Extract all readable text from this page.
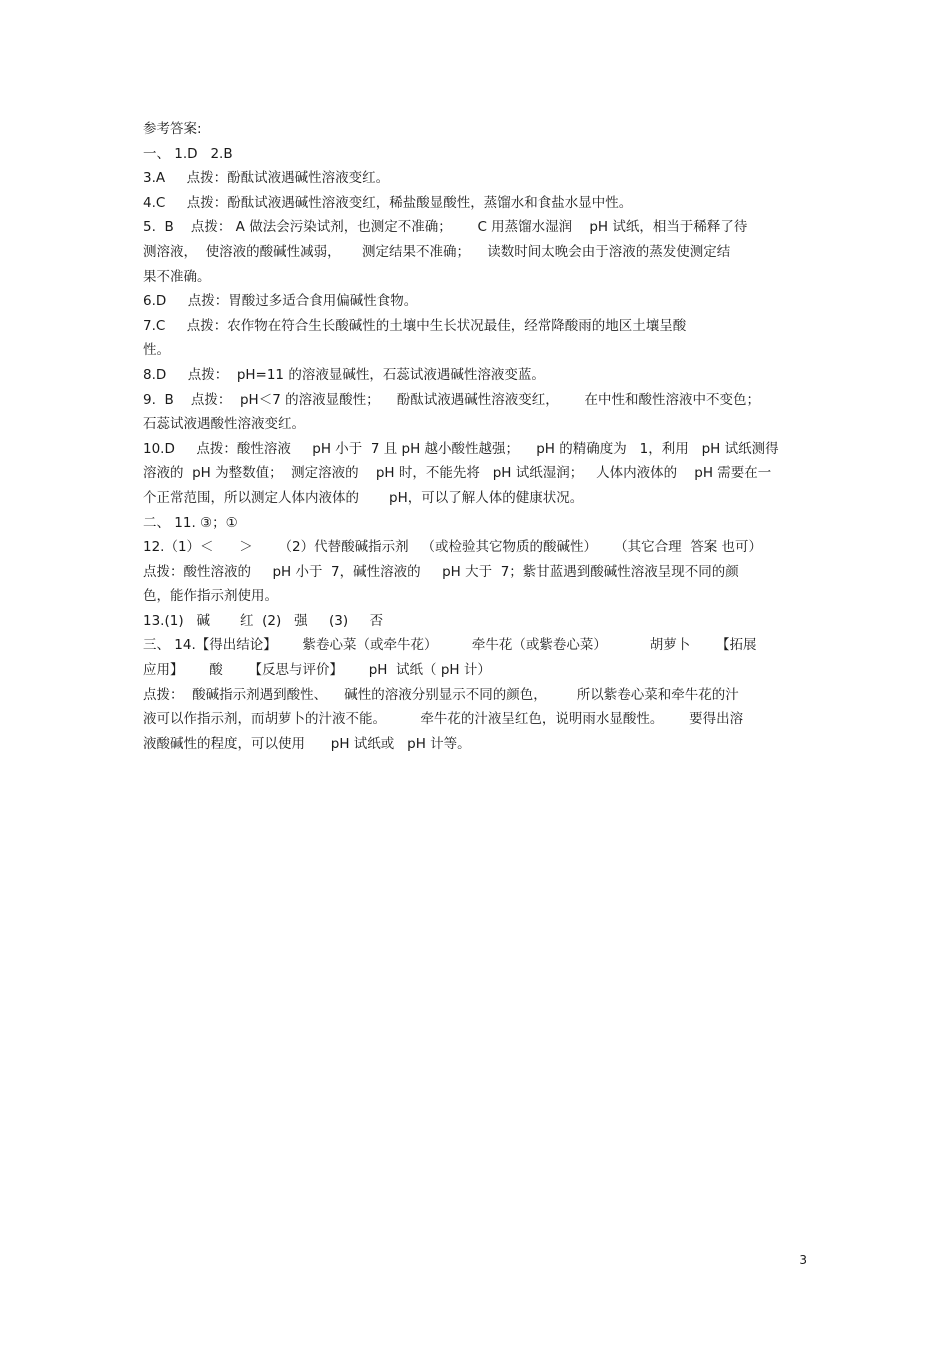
参考答案:
一、 1.D   2.B
3.A     点拨：酚酞试液遇碱性溶液变红。
4.C     点拨：酚酞试液遇碱性溶液变红，稀盐酸显酸性，蒸馏水和食盐水显中性。
5.  B    点拨： A 做法会污染试剂，也测定不准确；      C 用蒸馏水湿润    pH 试纸，相当于稀释了待
测溶液，  使溶液的酸碱性减弱，     测定结果不准确；    读数时间太晚会由于溶液的蒸发使测定结
果不准确。
6.D     点拨：胃酸过多适合食用偏碱性食物。
7.C     点拨：农作物在符合生长酸碱性的土壤中生长状况最佳，经常降酸雨的地区土壤呈酸
性。
8.D     点拨：  pH=11 的溶液显碱性，石蕊试液遇碱性溶液变蓝。
9.  B    点拨：  pH＜7 的溶液显酸性；    酚酞试液遇碱性溶液变红，      在中性和酸性溶液中不变色；
石蕊试液遇酸性溶液变红。
10.D     点拨：酸性溶液     pH 小于  7 且 pH 越小酸性越强；    pH 的精确度为   1，利用   pH 试纸测得
溶液的  pH 为整数值；  测定溶液的    pH 时，不能先将   pH 试纸湿润；   人体内液体的    pH 需要在一
个正常范围，所以测定人体内液体的       pH，可以了解人体的健康状况。
二、 11. ③；①
12.（1）＜      ＞      （2）代替酸碱指示剂   （或检验其它物质的酸碱性）    （其它合理  答案 也可）
点拨：酸性溶液的     pH 小于  7，碱性溶液的     pH 大于  7；紫甘蓝遇到酸碱性溶液呈现不同的颜
色，能作指示剂使用。
13.(1)   碱       红  (2)   强     (3)     否
三、 14.【得出结论】      紫卷心菜（或牵牛花）        牵牛花（或紫卷心菜）          胡萝卜      【拓展
应用】      酸      【反思与评价】      pH  试纸（ pH 计）
点拨：  酸碱指示剂遇到酸性、    碱性的溶液分别显示不同的颜色，       所以紫卷心菜和牵牛花的汁
液可以作指示剂，而胡萝卜的汁液不能。        牵牛花的汁液呈红色，说明雨水显酸性。      要得出溶
液酸碱性的程度，可以使用      pH 试纸或   pH 计等。
3
